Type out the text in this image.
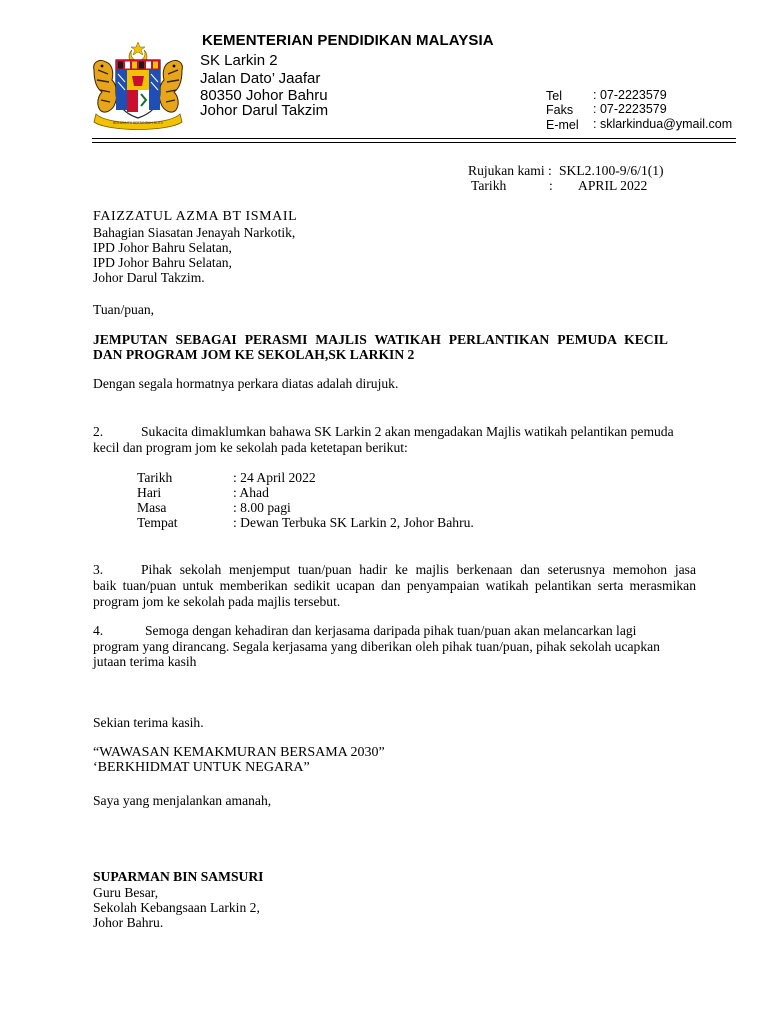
BERSEKUTU BERTAMBAH MUTU
KEMENTERIAN PENDIDIKAN MALAYSIA
SK Larkin 2
Jalan Dato’ Jaafar
80350 Johor Bahru
Johor Darul Takzim
Tel : 07-2223579
Faks : 07-2223579
E-mel : sklarkindua@ymail.com
Rujukan kami : SKL2.100-9/6/1(1)
Tarikh	: APRIL 2022
FAIZZATUL AZMA BT ISMAIL
Bahagian Siasatan Jenayah Narkotik,
IPD Johor Bahru Selatan,
IPD Johor Bahru Selatan,
Johor Darul Takzim.
Tuan/puan,
JEMPUTAN SEBAGAI PERASMI MAJLIS WATIKAH PERLANTIKAN PEMUDA KECIL
DAN PROGRAM JOM KE SEKOLAH,SK LARKIN 2
Dengan segala hormatnya perkara diatas adalah dirujuk.
2.	Sukacita dimaklumkan bahawa SK Larkin 2 akan mengadakan Majlis watikah pelantikan pemuda
kecil dan program jom ke sekolah pada ketetapan berikut:
Tarikh	: 24 April 2022
Hari	: Ahad
Masa	: 8.00 pagi
Tempat	: Dewan Terbuka SK Larkin 2, Johor Bahru.
3.	Pihak sekolah menjemput tuan/puan hadir ke majlis berkenaan dan seterusnya memohon jasa
baik tuan/puan untuk memberikan sedikit ucapan dan penyampaian watikah pelantikan serta merasmikan
program jom ke sekolah pada majlis tersebut.
4.	Semoga dengan kehadiran dan kerjasama daripada pihak tuan/puan akan melancarkan lagi
program yang dirancang. Segala kerjasama yang diberikan oleh pihak tuan/puan, pihak sekolah ucapkan
jutaan terima kasih
Sekian terima kasih.
“WAWASAN KEMAKMURAN BERSAMA 2030”
‘BERKHIDMAT UNTUK NEGARA”
Saya yang menjalankan amanah,
SUPARMAN BIN SAMSURI
Guru Besar,
Sekolah Kebangsaan Larkin 2,
Johor Bahru.
